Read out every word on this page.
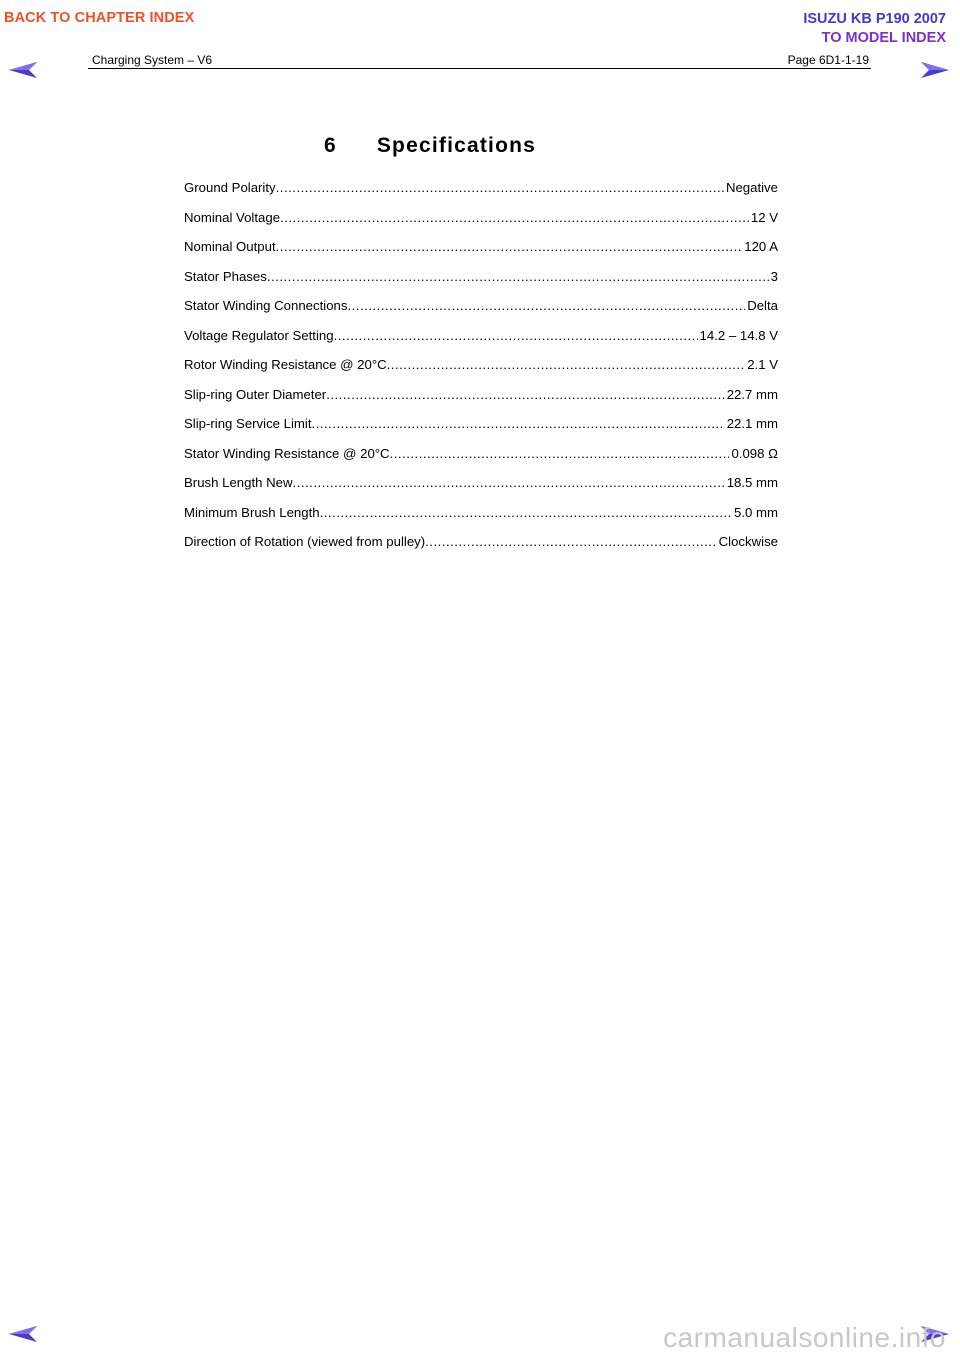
BACK TO CHAPTER INDEX	ISUZU KB P190 2007
TO MODEL INDEX
Charging System – V6	Page 6D1-1-19
6 Specifications
Ground Polarity .....	Negative
Nominal Voltage .....	12 V
Nominal Output .....	120 A
Stator Phases .....	3
Stator Winding Connections .....	Delta
Voltage Regulator Setting .....	14.2 – 14.8 V
Rotor Winding Resistance @ 20°C .....	2.1 V
Slip-ring Outer Diameter .....	22.7 mm
Slip-ring Service Limit .....	22.1 mm
Stator Winding Resistance @ 20°C .....	0.098 Ω
Brush Length New .....	18.5 mm
Minimum Brush Length .....	5.0 mm
Direction of Rotation (viewed from pulley) .....	Clockwise
carmanualsonline.info
